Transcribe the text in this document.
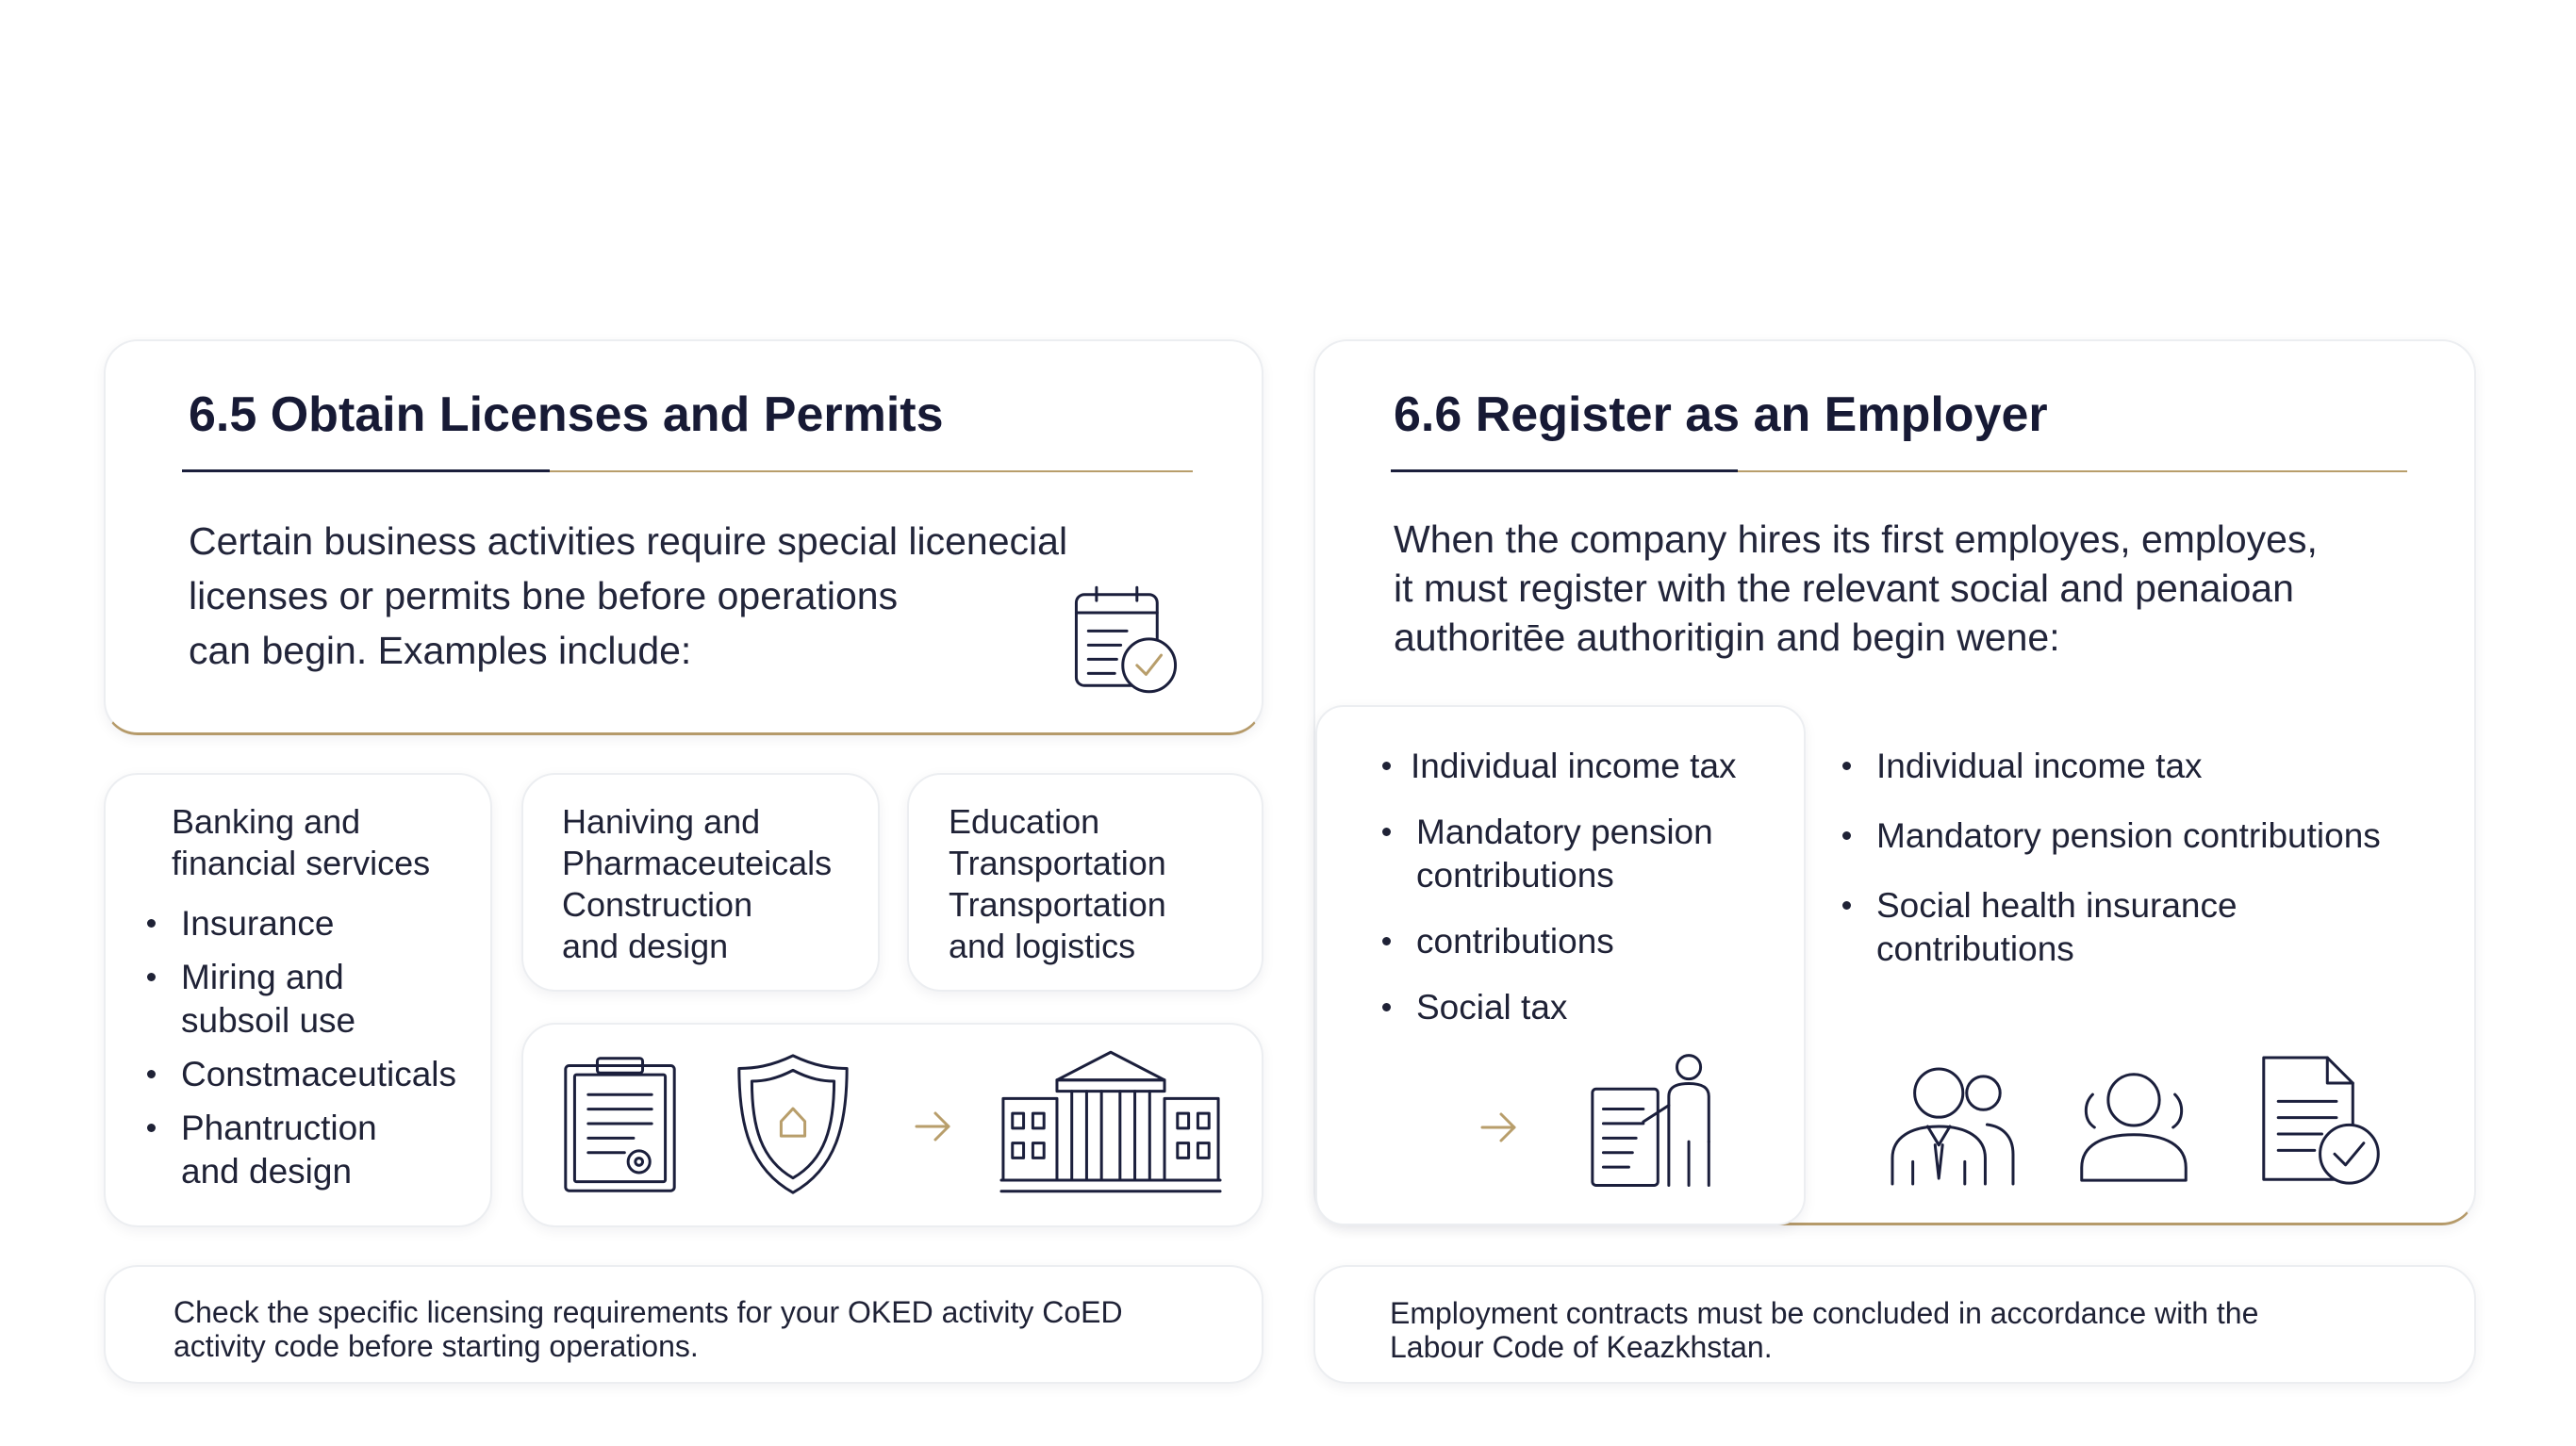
6.5 Obtain Licenses and Permits
Certain business activities require special licenecial
licenses or permits bne before operations
can begin. Examples include:
Banking and
financial services
Insurance
Miring and
subsoil use
Constmaceuticals
Phantruction
and design
Haniving and
Pharmaceuteicals
Construction
and design
Education
Transportation
Transportation
and logistics
Check the specific licensing requirements for your OKED activity CoED
activity code before starting operations.
6.6 Register as an Employer
When the company hires its first employes, employes,
it must register with the relevant social and penaioan
authoritēe authoritigin and begin wene:
Individual income tax
Mandatory pension
contributions
contributions
Social tax
Individual income tax
Mandatory pension contributions
Social health insurance
contributions
Employment contracts must be concluded in accordance with the
Labour Code of Keazkhstan.
